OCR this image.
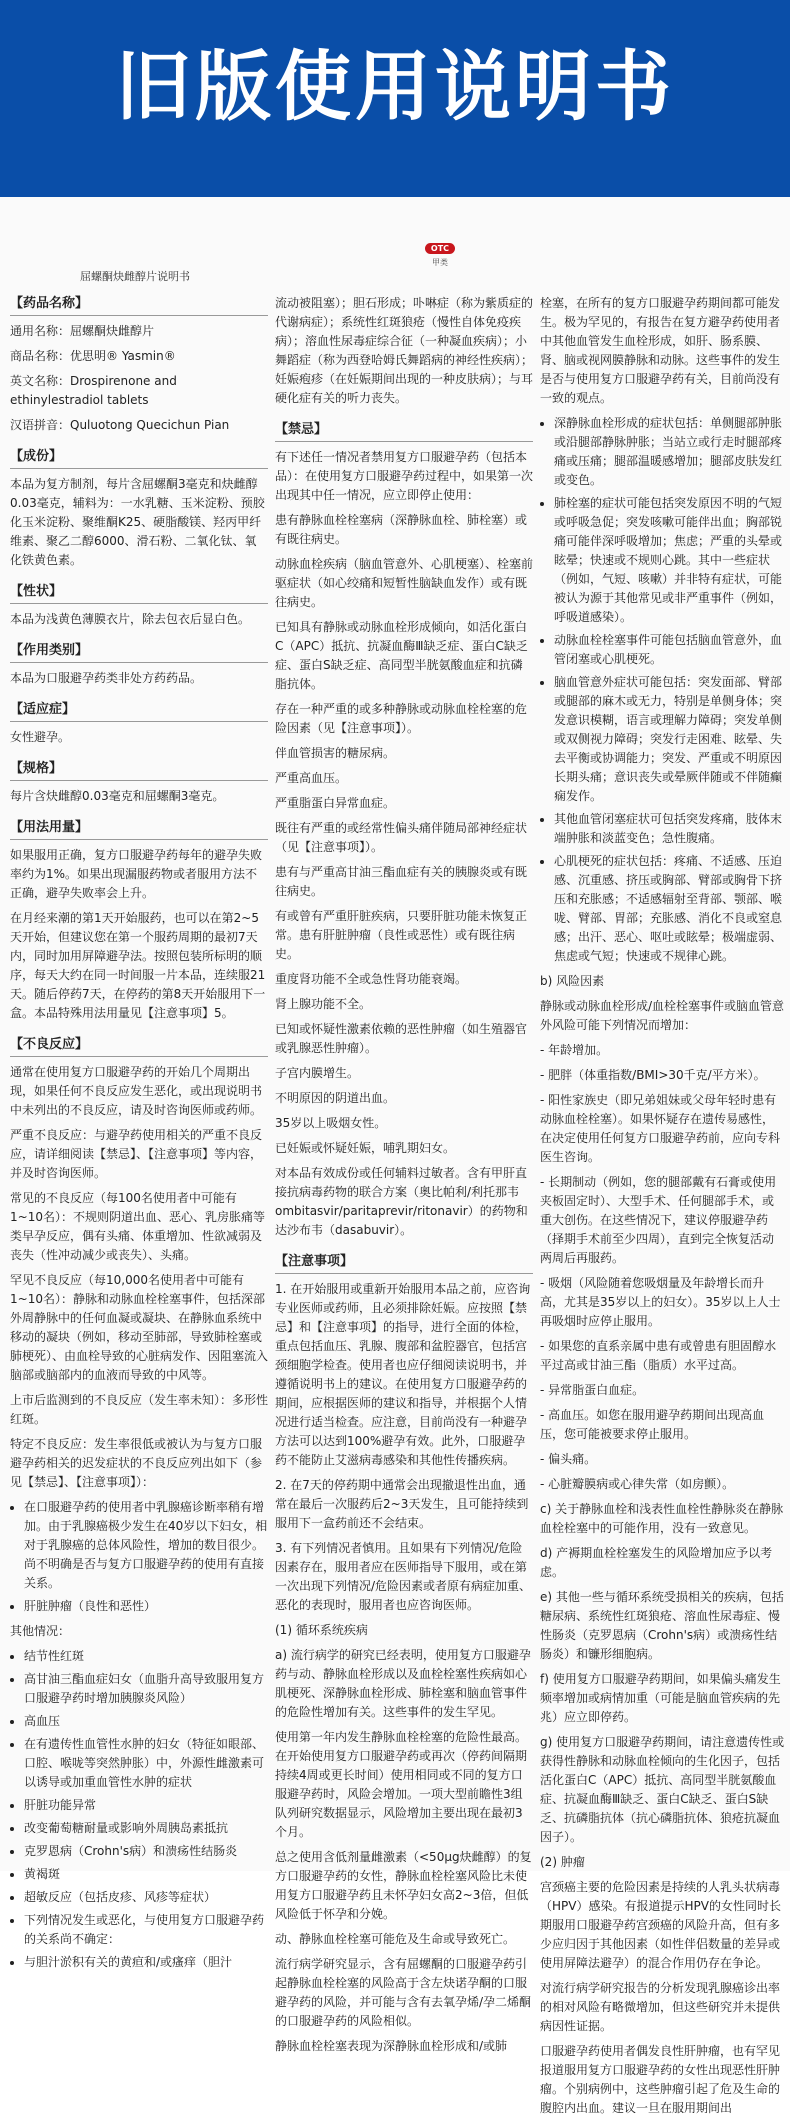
旧版使用说明书
OTC
甲类
屈螺酮炔雌醇片说明书
【药品名称】

通用名称：屈螺酮炔雌醇片

商品名称：优思明® Yasmin®

英文名称：Drospirenone and ethinylestradiol tablets

汉语拼音：Quluotong Quecichun Pian

【成份】

本品为复方制剂，每片含屈螺酮3毫克和炔雌醇0.03毫克，辅料为：一水乳糖、玉米淀粉、预胶化玉米淀粉、聚维酮K25、硬脂酸镁、羟丙甲纤维素、聚乙二醇6000、滑石粉、二氧化钛、氧化铁黄色素。

【性状】

本品为浅黄色薄膜衣片，除去包衣后显白色。

【作用类别】

本品为口服避孕药类非处方药药品。

【适应症】

女性避孕。

【规格】

每片含炔雌醇0.03毫克和屈螺酮3毫克。

【用法用量】

如果服用正确，复方口服避孕药每年的避孕失败率约为1%。如果出现漏服药物或者服用方法不正确，避孕失败率会上升。

在月经来潮的第1天开始服药，也可以在第2~5天开始，但建议您在第一个服药周期的最初7天内，同时加用屏障避孕法。按照包装所标明的顺序，每天大约在同一时间服一片本品，连续服21天。随后停药7天，在停药的第8天开始服用下一盒。本品特殊用法用量见【注意事项】5。

【不良反应】

通常在使用复方口服避孕药的开始几个周期出现，如果任何不良反应发生恶化，或出现说明书中未列出的不良反应，请及时咨询医师或药师。

严重不良反应：与避孕药使用相关的严重不良反应，请详细阅读【禁忌】、【注意事项】等内容，并及时咨询医师。

常见的不良反应（每100名使用者中可能有1~10名）：不规则阴道出血、恶心、乳房胀痛等类早孕反应，偶有头痛、体重增加、性欲减弱及丧失（性冲动减少或丧失）、头痛。

罕见不良反应（每10,000名使用者中可能有1~10名）：静脉和动脉血栓栓塞事件，包括深部外周静脉中的任何血凝或凝块、在静脉血系统中移动的凝块（例如，移动至肺部，导致肺栓塞或肺梗死）、由血栓导致的心脏病发作、因阻塞流入脑部或脑部内的血液而导致的中风等。

上市后监测到的不良反应（发生率未知）：多形性红斑。

特定不良反应：发生率很低或被认为与复方口服避孕药相关的迟发症状的不良反应列出如下（参见【禁忌】、【注意事项】）：

• 在口服避孕药的使用者中乳腺癌诊断率稍有增加。由于乳腺癌极少发生在40岁以下妇女，相对于乳腺癌的总体风险性，增加的数目很少。尚不明确是否与复方口服避孕药的使用有直接关系。
• 肝脏肿瘤（良性和恶性）

其他情况：

• 结节性红斑
• 高甘油三酯血症妇女（血脂升高导致服用复方口服避孕药时增加胰腺炎风险）
• 高血压
• 在有遗传性血管性水肿的妇女（特征如眼部、口腔、喉咙等突然肿胀）中，外源性雌激素可以诱导或加重血管性水肿的症状
• 肝脏功能异常
• 改变葡萄糖耐量或影响外周胰岛素抵抗
• 克罗恩病（Crohn's病）和溃疡性结肠炎
• 黄褐斑
• 超敏反应（包括皮疹、风疹等症状）
• 下列情况发生或恶化，与使用复方口服避孕药的关系尚不确定：
• 与胆汁淤积有关的黄疸和/或瘙痒（胆汁

流动被阻塞）；胆石形成；卟啉症（称为紫质症的代谢病症）；系统性红斑狼疮（慢性自体免疫疾病）；溶血性尿毒症综合征（一种凝血疾病）；小舞蹈症（称为西登哈姆氏舞蹈病的神经性疾病）；妊娠疱疹（在妊娠期间出现的一种皮肤病）；与耳硬化症有关的听力丧失。

【禁忌】

有下述任一情况者禁用复方口服避孕药（包括本品）：在使用复方口服避孕药过程中，如果第一次出现其中任一情况，应立即停止使用：

患有静脉血栓栓塞病（深静脉血栓、肺栓塞）或有既往病史。

动脉血栓疾病（脑血管意外、心肌梗塞）、栓塞前驱症状（如心绞痛和短暂性脑缺血发作）或有既往病史。

已知具有静脉或动脉血栓形成倾向，如活化蛋白C（APC）抵抗、抗凝血酶Ⅲ缺乏症、蛋白C缺乏症、蛋白S缺乏症、高同型半胱氨酸血症和抗磷脂抗体。

存在一种严重的或多种静脉或动脉血栓栓塞的危险因素（见【注意事项】）。

伴血管损害的糖尿病。

严重高血压。

严重脂蛋白异常血症。

既往有严重的或经常性偏头痛伴随局部神经症状（见【注意事项】）。

患有与严重高甘油三酯血症有关的胰腺炎或有既往病史。

有或曾有严重肝脏疾病，只要肝脏功能未恢复正常。患有肝脏肿瘤（良性或恶性）或有既往病史。

重度肾功能不全或急性肾功能衰竭。

肾上腺功能不全。

已知或怀疑性激素依赖的恶性肿瘤（如生殖器官或乳腺恶性肿瘤）。

子宫内膜增生。

不明原因的阴道出血。

35岁以上吸烟女性。

已妊娠或怀疑妊娠，哺乳期妇女。

对本品有效成份或任何辅料过敏者。含有甲肝直接抗病毒药物的联合方案（奥比帕利/利托那韦 ombitasvir/paritaprevir/ritonavir）的药物和达沙布韦（dasabuvir）。

【注意事项】

1. 在开始服用或重新开始服用本品之前，应咨询专业医师或药师，且必须排除妊娠。应按照【禁忌】和【注意事项】的指导，进行全面的体检，重点包括血压、乳腺、腹部和盆腔器官，包括宫颈细胞学检查。使用者也应仔细阅读说明书，并遵循说明书上的建议。在使用复方口服避孕药的期间，应根据医师的建议和指导，并根据个人情况进行适当检查。应注意，目前尚没有一种避孕方法可以达到100%避孕有效。此外，口服避孕药不能防止艾滋病毒感染和其他性传播疾病。

2. 在7天的停药期中通常会出现撤退性出血，通常在最后一次服药后2~3天发生，且可能持续到服用下一盒药前还不会结束。

3. 有下列情况者慎用。且如果有下列情况/危险因素存在，服用者应在医师指导下服用，或在第一次出现下列情况/危险因素或者原有病症加重、恶化的表现时，服用者也应咨询医师。

(1) 循环系统疾病

a) 流行病学的研究已经表明，使用复方口服避孕药与动、静脉血栓形成以及血栓栓塞性疾病如心肌梗死、深静脉血栓形成、肺栓塞和脑血管事件的危险性增加有关。这些事件的发生罕见。

使用第一年内发生静脉血栓栓塞的危险性最高。在开始使用复方口服避孕药或再次（停药间隔期持续4周或更长时间）使用相同或不同的复方口服避孕药时，风险会增加。一项大型前瞻性3组队列研究数据显示，风险增加主要出现在最初3个月。

总之使用含低剂量雌激素（<50μg炔雌醇）的复方口服避孕药的女性，静脉血栓栓塞风险比未使用复方口服避孕药且未怀孕妇女高2~3倍，但低风险低于怀孕和分娩。

动、静脉血栓栓塞可能危及生命或导致死亡。

流行病学研究显示，含有屈螺酮的口服避孕药引起静脉血栓栓塞的风险高于含左炔诺孕酮的口服避孕药的风险，并可能与含有去氧孕烯/孕二烯酮的口服避孕药的风险相似。

静脉血栓栓塞表现为深静脉血栓形成和/或肺

栓塞，在所有的复方口服避孕药期间都可能发生。极为罕见的，有报告在复方避孕药使用者中其他血管发生血栓形成，如肝、肠系膜、肾、脑或视网膜静脉和动脉。这些事件的发生是否与使用复方口服避孕药有关，目前尚没有一致的观点。

• 深静脉血栓形成的症状包括：单侧腿部肿胀或沿腿部静脉肿胀；当站立或行走时腿部疼痛或压痛；腿部温暖感增加；腿部皮肤发红或变色。
• 肺栓塞的症状可能包括突发原因不明的气短或呼吸急促；突发咳嗽可能伴出血；胸部锐痛可能伴深呼吸增加；焦虑；严重的头晕或眩晕；快速或不规则心跳。其中一些症状（例如，气短、咳嗽）并非特有症状，可能被认为源于其他常见或非严重事件（例如，呼吸道感染）。
• 动脉血栓栓塞事件可能包括脑血管意外，血管闭塞或心肌梗死。
• 脑血管意外症状可能包括：突发面部、臂部或腿部的麻木或无力，特别是单侧身体；突发意识模糊，语言或理解力障碍；突发单侧或双侧视力障碍；突发行走困难、眩晕、失去平衡或协调能力；突发、严重或不明原因长期头痛；意识丧失或晕厥伴随或不伴随癫痫发作。
• 其他血管闭塞症状可包括突发疼痛，肢体末端肿胀和淡蓝变色；急性腹痛。
• 心肌梗死的症状包括：疼痛、不适感、压迫感、沉重感、挤压或胸部、臂部或胸骨下挤压和充胀感；不适感辐射至背部、颚部、喉咙、臂部、胃部；充胀感、消化不良或窒息感；出汗、恶心、呕吐或眩晕；极端虚弱、焦虑或气短；快速或不规律心跳。

b) 风险因素

静脉或动脉血栓形成/血栓栓塞事件或脑血管意外风险可能下列情况而增加：

- 年龄增加。

- 肥胖（体重指数/BMI>30千克/平方米）。

- 阳性家族史（即兄弟姐妹或父母年轻时患有动脉血栓栓塞）。如果怀疑存在遗传易感性，在决定使用任何复方口服避孕药前，应向专科医生咨询。

- 长期制动（例如，您的腿部戴有石膏或使用夹板固定时）、大型手术、任何腿部手术，或重大创伤。在这些情况下，建议停服避孕药（择期手术前至少四周），直到完全恢复活动两周后再服药。

- 吸烟（风险随着您吸烟量及年龄增长而升高，尤其是35岁以上的妇女）。35岁以上人士再吸烟时应停止服用。

- 如果您的直系亲属中患有或曾患有胆固醇水平过高或甘油三酯（脂质）水平过高。

- 异常脂蛋白血症。

- 高血压。如您在服用避孕药期间出现高血压，您可能被要求停止服用。

- 偏头痛。

- 心脏瓣膜病或心律失常（如房颤）。

c) 关于静脉血栓和浅表性血栓性静脉炎在静脉血栓栓塞中的可能作用，没有一致意见。

d) 产褥期血栓栓塞发生的风险增加应予以考虑。

e) 其他一些与循环系统受损相关的疾病，包括糖尿病、系统性红斑狼疮、溶血性尿毒症、慢性肠炎（克罗恩病（Crohn's病）或溃疡性结肠炎）和镰形细胞病。

f) 使用复方口服避孕药期间，如果偏头痛发生频率增加或病情加重（可能是脑血管疾病的先兆）应立即停药。

g) 使用复方口服避孕药期间，请注意遗传性或获得性静脉和动脉血栓倾向的生化因子，包括活化蛋白C（APC）抵抗、高同型半胱氨酸血症、抗凝血酶Ⅲ缺乏、蛋白C缺乏、蛋白S缺乏、抗磷脂抗体（抗心磷脂抗体、狼疮抗凝血因子）。

(2) 肿瘤

宫颈癌主要的危险因素是持续的人乳头状病毒（HPV）感染。有报道提示HPV的女性同时长期服用口服避孕药宫颈癌的风险升高，但有多少应归因于其他因素（如性伴侣数量的差异或使用屏障法避孕）的混合作用仍存在争论。

对流行病学研究报告的分析发现乳腺癌诊出率的相对风险有略微增加，但这些研究并未提供病因性证据。

口服避孕药使用者偶发良性肝肿瘤，也有罕见报道服用复方口服避孕药的女性出现恶性肝肿瘤。个别病例中，这些肿瘤引起了危及生命的腹腔内出血。建议一旦在服用期间出
